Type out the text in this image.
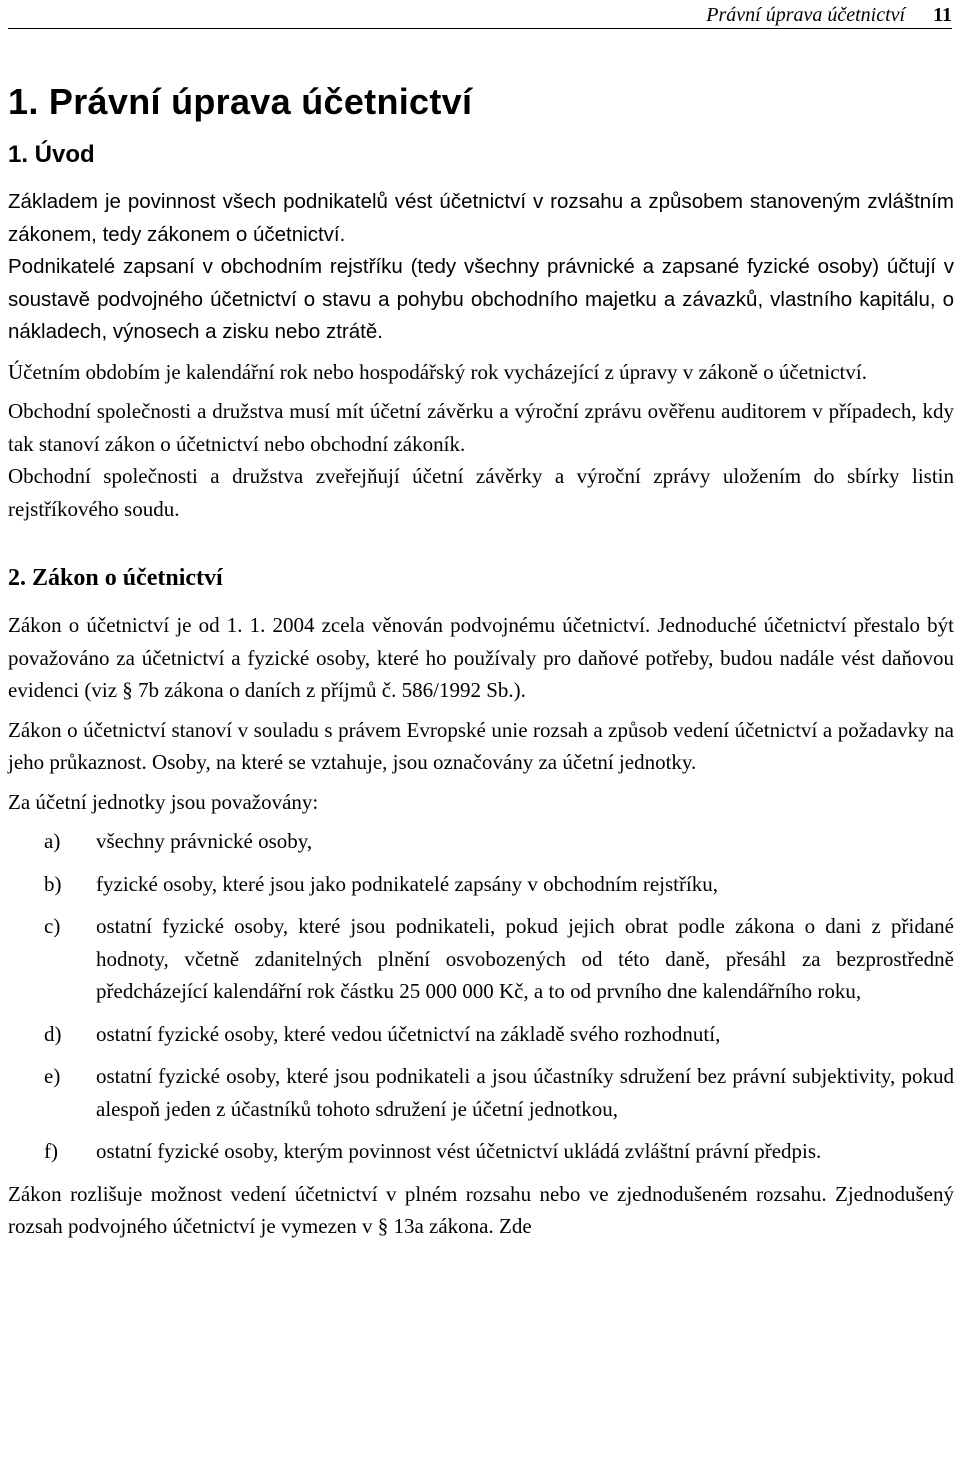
Právní úprava účetnictví 11
1. Právní úprava účetnictví
1. Úvod

Základem je povinnost všech podnikatelů vést účetnictví v rozsahu a způsobem stanoveným zvláštním zákonem, tedy zákonem o účetnictví.

Podnikatelé zapsaní v obchodním rejstříku (tedy všechny právnické a zapsané fyzické osoby) účtují v soustavě podvojného účetnictví o stavu a pohybu obchodního majetku a závazků, vlastního kapitálu, o nákladech, výnosech a zisku nebo ztrátě.

Účetním obdobím je kalendářní rok nebo hospodářský rok vycházející z úpravy v zákoně o účetnictví.

Obchodní společnosti a družstva musí mít účetní závěrku a výroční zprávu ověřenu auditorem v případech, kdy tak stanoví zákon o účetnictví nebo obchodní zákoník.

Obchodní společnosti a družstva zveřejňují účetní závěrky a výroční zprávy uložením do sbírky listin rejstříkového soudu.

2. Zákon o účetnictví

Zákon o účetnictví je od 1. 1. 2004 zcela věnován podvojnému účetnictví. Jednoduché účetnictví přestalo být považováno za účetnictví a fyzické osoby, které ho používaly pro daňové potřeby, budou nadále vést daňovou evidenci (viz § 7b zákona o daních z příjmů č. 586/1992 Sb.).

Zákon o účetnictví stanoví v souladu s právem Evropské unie rozsah a způsob vedení účetnictví a požadavky na jeho průkaznost. Osoby, na které se vztahuje, jsou označovány za účetní jednotky.

Za účetní jednotky jsou považovány:

a)	všechny právnické osoby,
b)	fyzické osoby, které jsou jako podnikatelé zapsány v obchodním rejstříku,
c)	ostatní fyzické osoby, které jsou podnikateli, pokud jejich obrat podle zákona o dani z přidané hodnoty, včetně zdanitelných plnění osvobozených od této daně, přesáhl za bezprostředně předcházející kalendářní rok částku 25 000 000 Kč, a to od prvního dne kalendářního roku,
d)	ostatní fyzické osoby, které vedou účetnictví na základě svého rozhodnutí,
e)	ostatní fyzické osoby, které jsou podnikateli a jsou účastníky sdružení bez právní subjektivity, pokud alespoň jeden z účastníků tohoto sdružení je účetní jednotkou,
f)	ostatní fyzické osoby, kterým povinnost vést účetnictví ukládá zvláštní právní předpis.

Zákon rozlišuje možnost vedení účetnictví v plném rozsahu nebo ve zjednodušeném rozsahu. Zjednodušený rozsah podvojného účetnictví je vymezen v § 13a zákona. Zde
